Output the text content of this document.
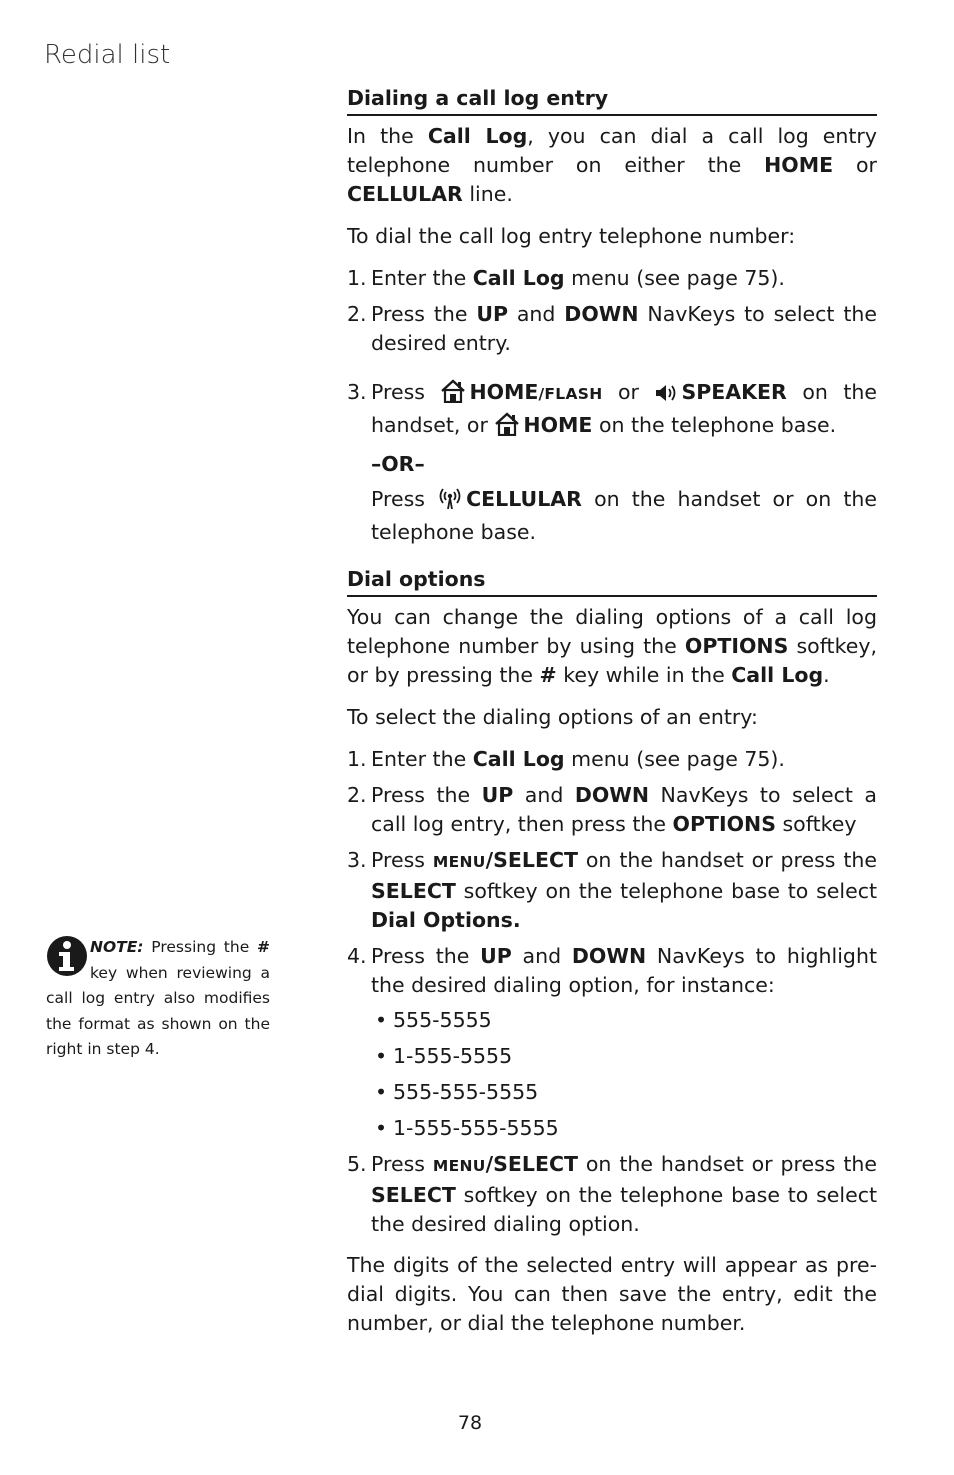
Redial list
Dialing a call log entry

In the Call Log, you can dial a call log entry telephone number on either the HOME or CELLULAR line.

To dial the call log entry telephone number:

1. Enter the Call Log menu (see page 75).
2. Press the UP and DOWN NavKeys to select the desired entry.
3. Press HOME/FLASH or SPEAKER on the handset, or HOME on the telephone base.
–OR–
Press CELLULAR on the handset or on the telephone base.
Dial options

You can change the dialing options of a call log telephone number by using the OPTIONS softkey, or by pressing the # key while in the Call Log.

To select the dialing options of an entry:

1. Enter the Call Log menu (see page 75).
2. Press the UP and DOWN NavKeys to select a call log entry, then press the OPTIONS softkey
3. Press MENU/SELECT on the handset or press the SELECT softkey on the telephone base to select Dial Options.
4. Press the UP and DOWN NavKeys to highlight the desired dialing option, for instance:
• 555-5555
• 1-555-5555
• 555-555-5555
• 1-555-555-5555
5. Press MENU/SELECT on the handset or press the SELECT softkey on the telephone base to select the desired dialing option.

The digits of the selected entry will appear as pre-dial digits. You can then save the entry, edit the number, or dial the telephone number.

NOTE: Pressing the # key when reviewing a call log entry also modifies the format as shown on the right in step 4.
78
